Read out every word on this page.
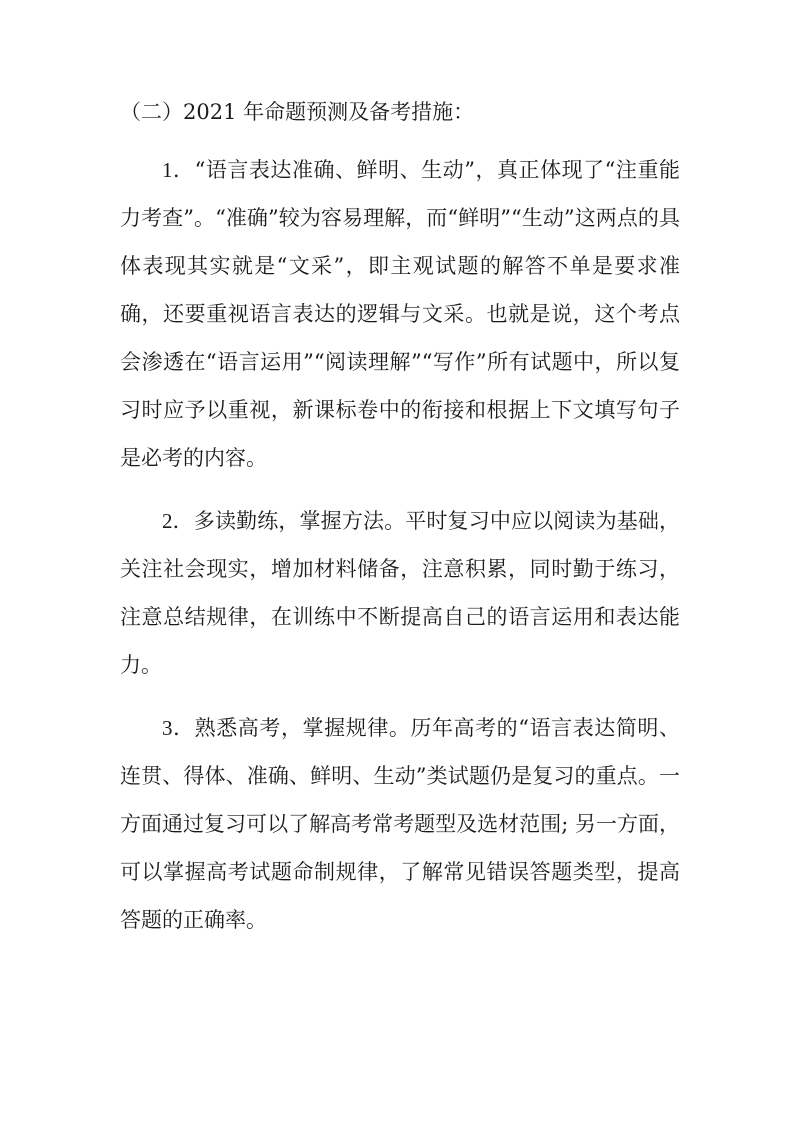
（二）2021 年命题预测及备考措施：
1．“语言表达准确、鲜明、生动”，真正体现了“注重能力考查”。“准确”较为容易理解，而“鲜明”“生动”这两点的具体表现其实就是“文采”，即主观试题的解答不单是要求准确，还要重视语言表达的逻辑与文采。也就是说，这个考点会渗透在“语言运用”“阅读理解”“写作”所有试题中，所以复习时应予以重视，新课标卷中的衔接和根据上下文填写句子是必考的内容。
2．多读勤练，掌握方法。平时复习中应以阅读为基础，关注社会现实，增加材料储备，注意积累，同时勤于练习，注意总结规律，在训练中不断提高自己的语言运用和表达能力。
3．熟悉高考，掌握规律。历年高考的“语言表达简明、连贯、得体、准确、鲜明、生动”类试题仍是复习的重点。一方面通过复习可以了解高考常考题型及选材范围; 另一方面，可以掌握高考试题命制规律，了解常见错误答题类型，提高答题的正确率。
